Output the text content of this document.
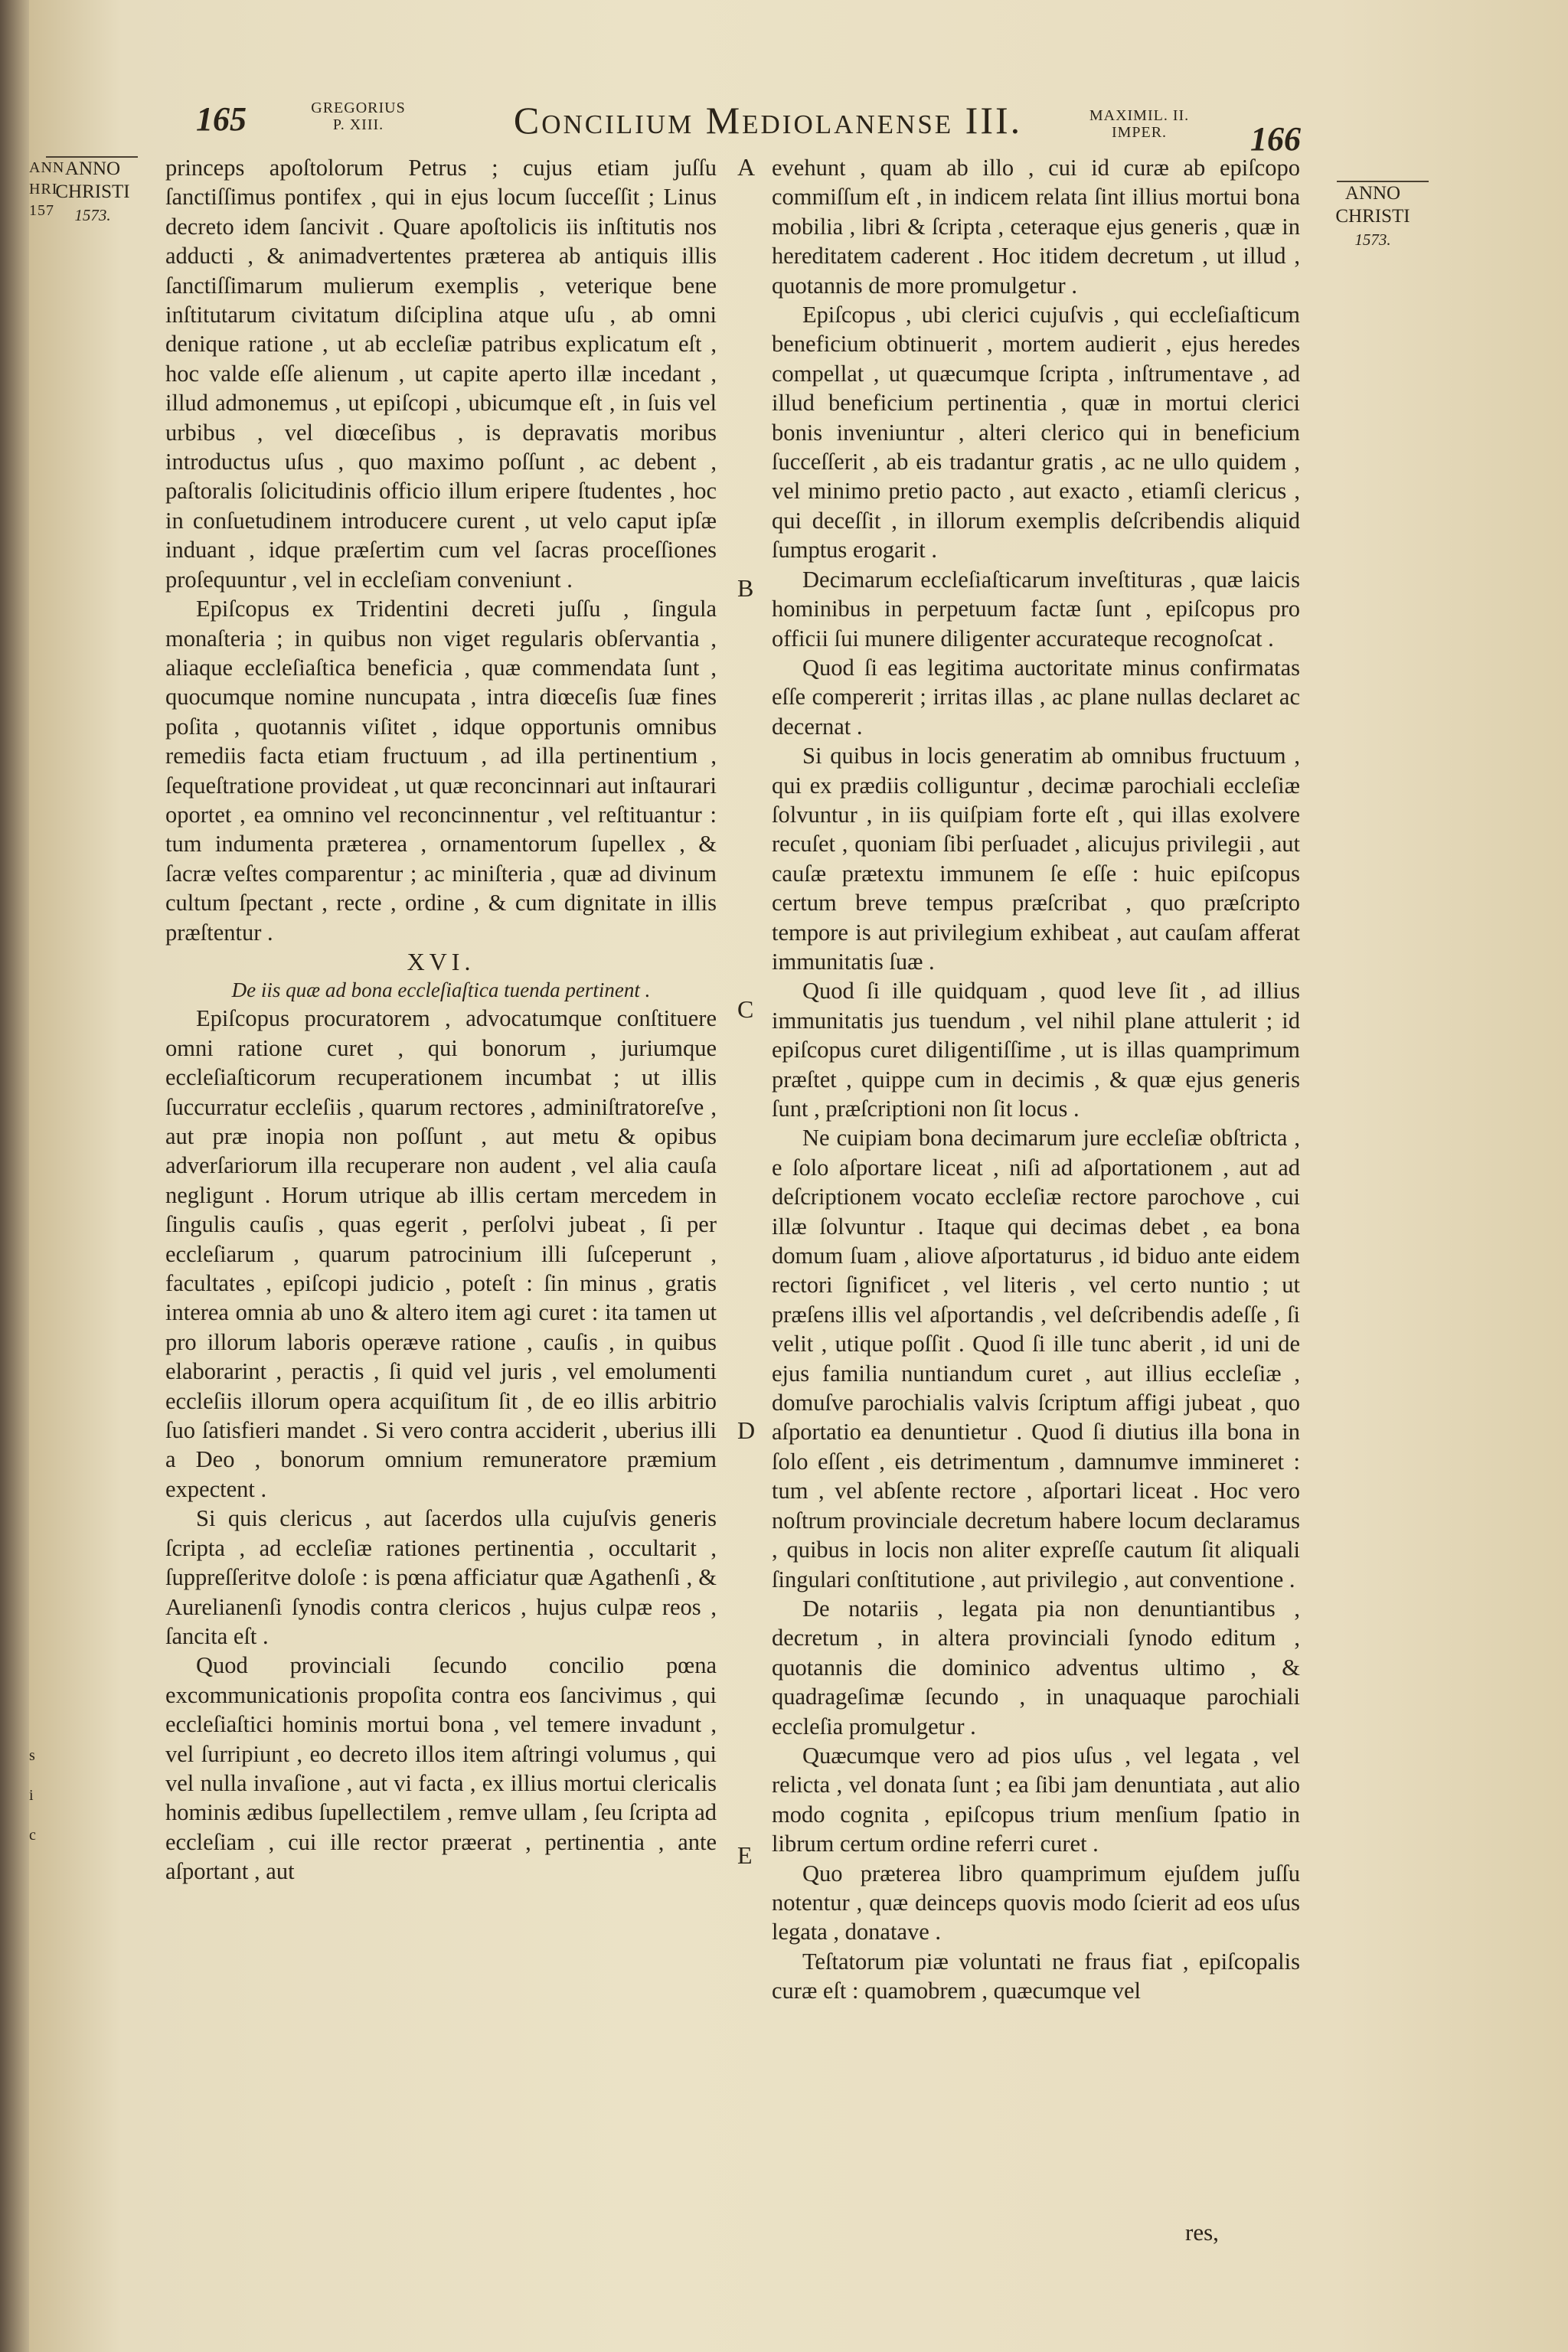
ANN
HRI
157
s
i
c
165	GREGORIUS
P. XIII.	Concilium Mediolanense III.	MAXIMIL. II.
IMPER.	166
ANNO
CHRISTI
1573.
ANNO
CHRISTI
1573.
A
B
C
D
E

princeps apoſtolorum Petrus ; cujus etiam juſſu ſanctiſſimus pontifex , qui in ejus locum ſucceſſit ; Linus decreto idem ſancivit . Quare apoſtolicis iis inſtitutis nos adducti , & animadvertentes præterea ab antiquis illis ſanctiſſimarum mulierum exemplis , veterique bene inſtitutarum civitatum diſciplina atque uſu , ab omni denique ratione , ut ab eccleſiæ patribus explicatum eſt , hoc valde eſſe alienum , ut capite aperto illæ incedant , illud admonemus , ut epiſcopi , ubicumque eſt , in ſuis vel urbibus , vel diœceſibus , is depravatis moribus introductus uſus , quo maximo poſſunt , ac debent , paſtoralis ſolicitudinis officio illum eripere ſtudentes , hoc in conſuetudinem introducere curent , ut velo caput ipſæ induant , idque præſertim cum vel ſacras proceſſiones proſequuntur , vel in eccleſiam conveniunt .

Epiſcopus ex Tridentini decreti juſſu , ſingula monaſteria ; in quibus non viget regularis obſervantia , aliaque eccleſiaſtica beneficia , quæ commendata ſunt , quocumque nomine nuncupata , intra diœceſis ſuæ fines poſita , quotannis viſitet , idque opportunis omnibus remediis facta etiam fructuum , ad illa pertinentium , ſequeſtratione provideat , ut quæ reconcinnari aut inſtaurari oportet , ea omnino vel reconcinnentur , vel reſtituantur : tum indumenta præterea , ornamentorum ſupellex , & ſacræ veſtes comparentur ; ac miniſteria , quæ ad divinum cultum ſpectant , recte , ordine , & cum dignitate in illis præſtentur .

XVI.

De iis quæ ad bona eccleſiaſtica tuenda pertinent .

Epiſcopus procuratorem , advocatumque conſtituere omni ratione curet , qui bonorum , juriumque eccleſiaſticorum recuperationem incumbat ; ut illis ſuccurratur eccleſiis , quarum rectores , adminiſtratoreſve , aut præ inopia non poſſunt , aut metu & opibus adverſariorum illa recuperare non audent , vel alia cauſa negligunt . Horum utrique ab illis certam mercedem in ſingulis cauſis , quas egerit , perſolvi jubeat , ſi per eccleſiarum , quarum patrocinium illi ſuſceperunt , facultates , epiſcopi judicio , poteſt : ſin minus , gratis interea omnia ab uno & altero item agi curet : ita tamen ut pro illorum laboris operæve ratione , cauſis , in quibus elaborarint , peractis , ſi quid vel juris , vel emolumenti eccleſiis illorum opera acquiſitum ſit , de eo illis arbitrio ſuo ſatisfieri mandet . Si vero contra acciderit , uberius illi a Deo , bonorum omnium remuneratore præmium expectent .

Si quis clericus , aut ſacerdos ulla cujuſvis generis ſcripta , ad eccleſiæ rationes pertinentia , occultarit , ſuppreſſeritve doloſe : is pœna afficiatur quæ Agathenſi , & Aurelianenſi ſynodis contra clericos , hujus culpæ reos , ſancita eſt .

Quod provinciali ſecundo concilio pœna excommunicationis propoſita contra eos ſancivimus , qui eccleſiaſtici hominis mortui bona , vel temere invadunt , vel ſurripiunt , eo decreto illos item aſtringi volumus , qui vel nulla invaſione , aut vi facta , ex illius mortui clericalis hominis ædibus ſupellectilem , remve ullam , ſeu ſcripta ad eccleſiam , cui ille rector præerat , pertinentia , ante aſportant , aut

evehunt , quam ab illo , cui id curæ ab epiſcopo commiſſum eſt , in indicem relata ſint illius mortui bona mobilia , libri & ſcripta , ceteraque ejus generis , quæ in hereditatem caderent . Hoc itidem decretum , ut illud , quotannis de more promulgetur .

Epiſcopus , ubi clerici cujuſvis , qui eccleſiaſticum beneficium obtinuerit , mortem audierit , ejus heredes compellat , ut quæcumque ſcripta , inſtrumentave , ad illud beneficium pertinentia , quæ in mortui clerici bonis inveniuntur , alteri clerico qui in beneficium ſucceſſerit , ab eis tradantur gratis , ac ne ullo quidem , vel minimo pretio pacto , aut exacto , etiamſi clericus , qui deceſſit , in illorum exemplis deſcribendis aliquid ſumptus erogarit .

Decimarum eccleſiaſticarum inveſtituras , quæ laicis hominibus in perpetuum factæ ſunt , epiſcopus pro officii ſui munere diligenter accurateque recognoſcat .

Quod ſi eas legitima auctoritate minus confirmatas eſſe compererit ; irritas illas , ac plane nullas declaret ac decernat .

Si quibus in locis generatim ab omnibus fructuum , qui ex prædiis colliguntur , decimæ parochiali eccleſiæ ſolvuntur , in iis quiſpiam forte eſt , qui illas exolvere recuſet , quoniam ſibi perſuadet , alicujus privilegii , aut cauſæ prætextu immunem ſe eſſe : huic epiſcopus certum breve tempus præſcribat , quo præſcripto tempore is aut privilegium exhibeat , aut cauſam afferat immunitatis ſuæ .

Quod ſi ille quidquam , quod leve ſit , ad illius immunitatis jus tuendum , vel nihil plane attulerit ; id epiſcopus curet diligentiſſime , ut is illas quamprimum præſtet , quippe cum in decimis , & quæ ejus generis ſunt , præſcriptioni non ſit locus .

Ne cuipiam bona decimarum jure eccleſiæ obſtricta , e ſolo aſportare liceat , niſi ad aſportationem , aut ad deſcriptionem vocato eccleſiæ rectore parochove , cui illæ ſolvuntur . Itaque qui decimas debet , ea bona domum ſuam , aliove aſportaturus , id biduo ante eidem rectori ſignificet , vel literis , vel certo nuntio ; ut præſens illis vel aſportandis , vel deſcribendis adeſſe , ſi velit , utique poſſit . Quod ſi ille tunc aberit , id uni de ejus familia nuntiandum curet , aut illius eccleſiæ , domuſve parochialis valvis ſcriptum affigi jubeat , quo aſportatio ea denuntietur . Quod ſi diutius illa bona in ſolo eſſent , eis detrimentum , damnumve immineret : tum , vel abſente rectore , aſportari liceat . Hoc vero noſtrum provinciale decretum habere locum declaramus , quibus in locis non aliter expreſſe cautum ſit aliquali ſingulari conſtitutione , aut privilegio , aut conventione .

De notariis , legata pia non denuntiantibus , decretum , in altera provinciali ſynodo editum , quotannis die dominico adventus ultimo , & quadrageſimæ ſecundo , in unaquaque parochiali eccleſia promulgetur .

Quæcumque vero ad pios uſus , vel legata , vel relicta , vel donata ſunt ; ea ſibi jam denuntiata , aut alio modo cognita , epiſcopus trium menſium ſpatio in librum certum ordine referri curet .

Quo præterea libro quamprimum ejuſdem juſſu notentur , quæ deinceps quovis modo ſcierit ad eos uſus legata , donatave .

Teſtatorum piæ voluntati ne fraus fiat , epiſcopalis curæ eſt : quamobrem , quæcumque vel

res,
